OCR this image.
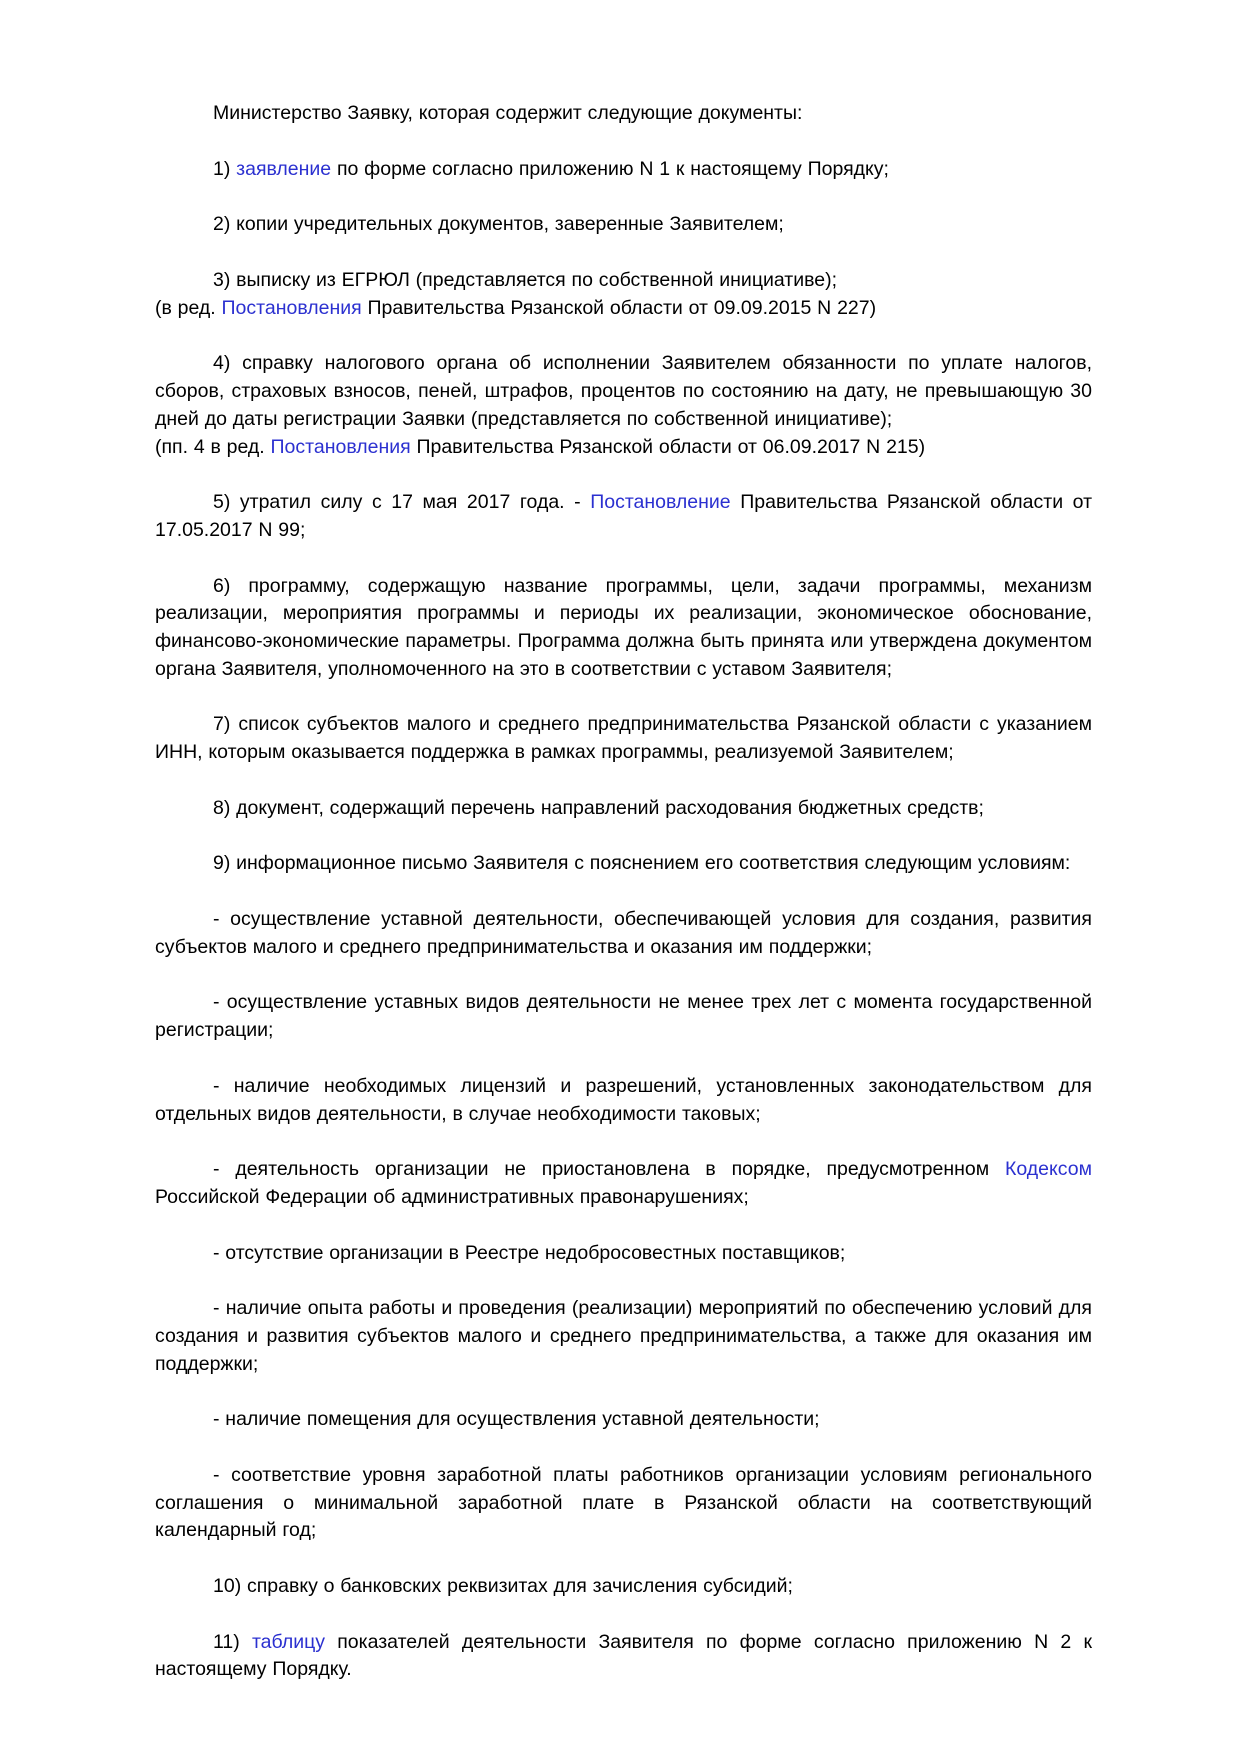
Министерство Заявку, которая содержит следующие документы:

1) заявление по форме согласно приложению N 1 к настоящему Порядку;

2) копии учредительных документов, заверенные Заявителем;

3) выписку из ЕГРЮЛ (представляется по собственной инициативе);

(в ред. Постановления Правительства Рязанской области от 09.09.2015 N 227)

4) справку налогового органа об исполнении Заявителем обязанности по уплате налогов, сборов, страховых взносов, пеней, штрафов, процентов по состоянию на дату, не превышающую 30 дней до даты регистрации Заявки (представляется по собственной инициативе);

(пп. 4 в ред. Постановления Правительства Рязанской области от 06.09.2017 N 215)

5) утратил силу с 17 мая 2017 года. - Постановление Правительства Рязанской области от 17.05.2017 N 99;

6) программу, содержащую название программы, цели, задачи программы, механизм реализации, мероприятия программы и периоды их реализации, экономическое обоснование, финансово-экономические параметры. Программа должна быть принята или утверждена документом органа Заявителя, уполномоченного на это в соответствии с уставом Заявителя;

7) список субъектов малого и среднего предпринимательства Рязанской области с указанием ИНН, которым оказывается поддержка в рамках программы, реализуемой Заявителем;

8) документ, содержащий перечень направлений расходования бюджетных средств;

9) информационное письмо Заявителя с пояснением его соответствия следующим условиям:

- осуществление уставной деятельности, обеспечивающей условия для создания, развития субъектов малого и среднего предпринимательства и оказания им поддержки;

- осуществление уставных видов деятельности не менее трех лет с момента государственной регистрации;

- наличие необходимых лицензий и разрешений, установленных законодательством для отдельных видов деятельности, в случае необходимости таковых;

- деятельность организации не приостановлена в порядке, предусмотренном Кодексом Российской Федерации об административных правонарушениях;

- отсутствие организации в Реестре недобросовестных поставщиков;

- наличие опыта работы и проведения (реализации) мероприятий по обеспечению условий для создания и развития субъектов малого и среднего предпринимательства, а также для оказания им поддержки;

- наличие помещения для осуществления уставной деятельности;

- соответствие уровня заработной платы работников организации условиям регионального соглашения о минимальной заработной плате в Рязанской области на соответствующий календарный год;

10) справку о банковских реквизитах для зачисления субсидий;

11) таблицу показателей деятельности Заявителя по форме согласно приложению N 2 к настоящему Порядку.
